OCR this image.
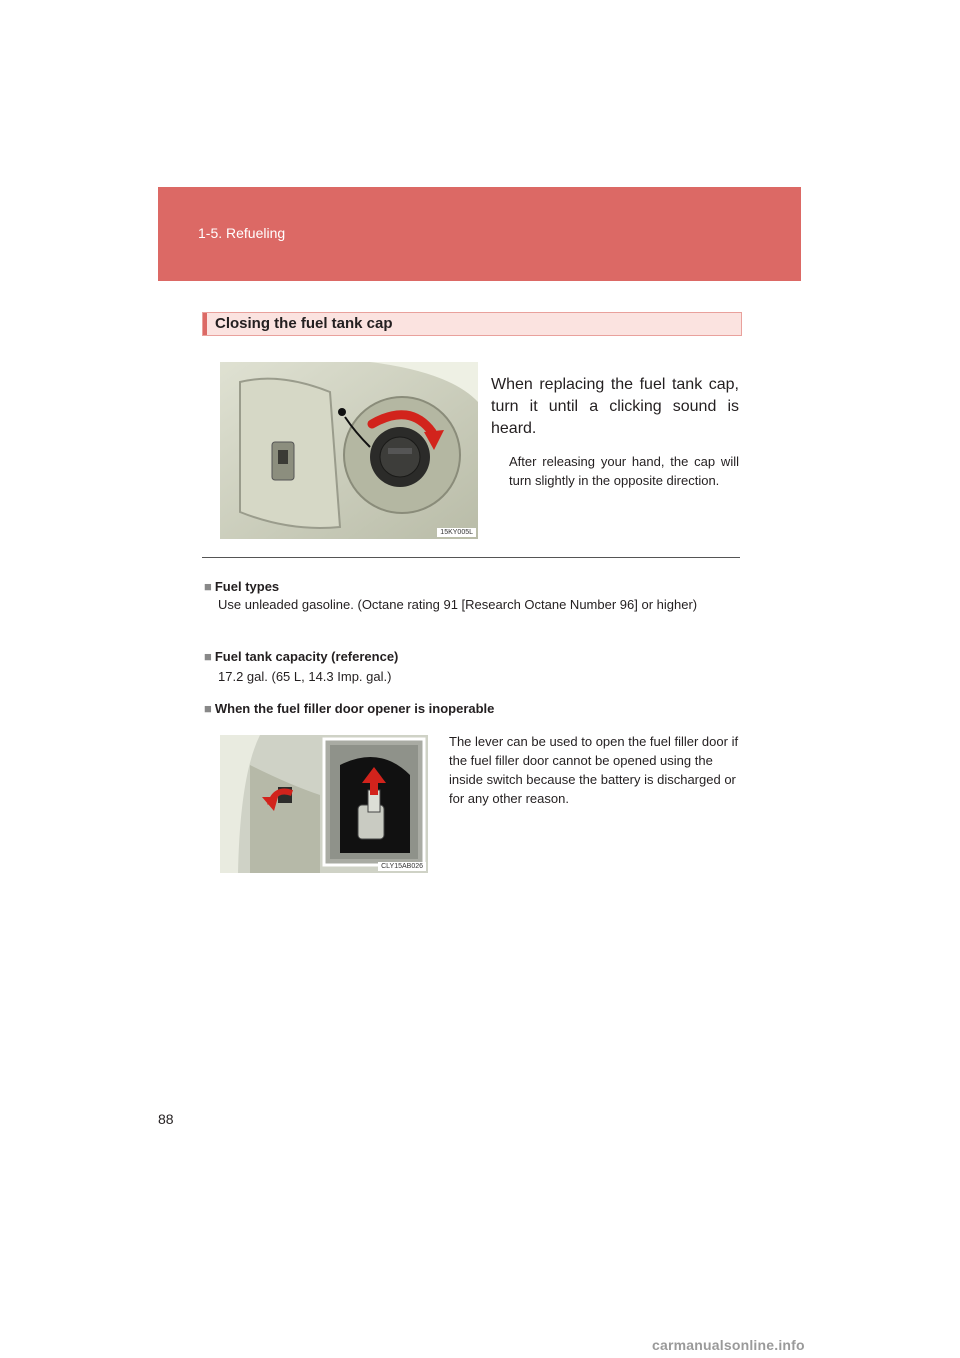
1-5. Refueling
Closing the fuel tank cap
15KY005L

When replacing the fuel tank cap, turn it until a clicking sound is heard.

After releasing your hand, the cap will turn slightly in the opposite direction.

■ Fuel types

Use unleaded gasoline. (Octane rating 91 [Research Octane Number 96] or higher)

■ Fuel tank capacity (reference)

17.2 gal. (65 L, 14.3 Imp. gal.)

■ When the fuel filler door opener is inoperable
CLY15AB026

The lever can be used to open the fuel filler door if the fuel filler door cannot be opened using the inside switch because the battery is discharged or for any other reason.

88
carmanualsonline.info
